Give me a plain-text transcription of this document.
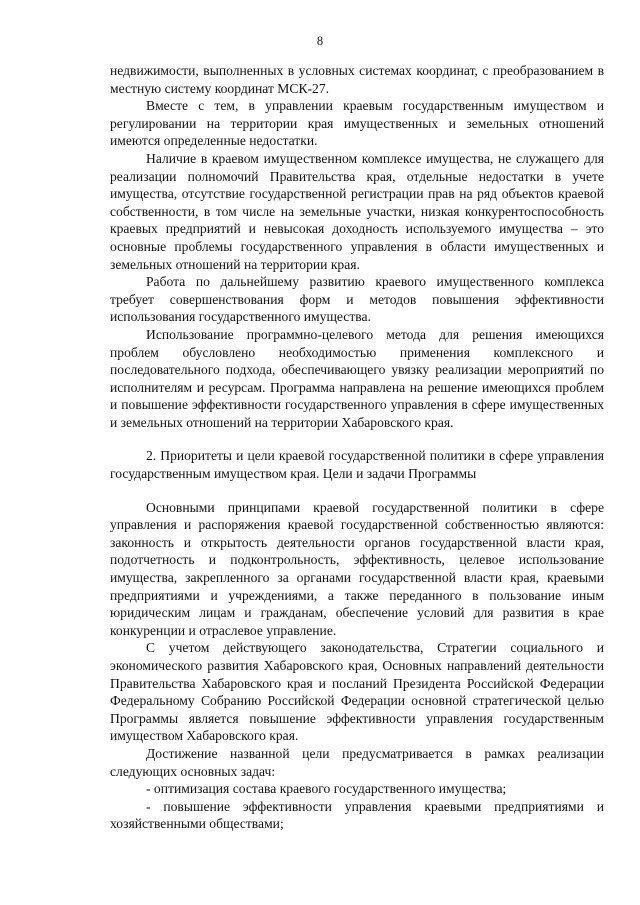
8

недвижимости, выполненных в условных системах координат, с преобразованием в местную систему координат МСК-27.

Вместе с тем, в управлении краевым государственным имуществом и регулировании на территории края имущественных и земельных отношений имеются определенные недостатки.

Наличие в краевом имущественном комплексе имущества, не служащего для реализации полномочий Правительства края, отдельные недостатки в учете имущества, отсутствие государственной регистрации прав на ряд объектов краевой собственности, в том числе на земельные участки, низкая конкурентоспособность краевых предприятий и невысокая доходность используемого имущества – это основные проблемы государственного управления в области имущественных и земельных отношений на территории края.

Работа по дальнейшему развитию краевого имущественного комплекса требует совершенствования форм и методов повышения эффективности использования государственного имущества.

Использование программно-целевого метода для решения имеющихся проблем обусловлено необходимостью применения комплексного и последовательного подхода, обеспечивающего увязку реализации мероприятий по исполнителям и ресурсам. Программа направлена на решение имеющихся проблем и повышение эффективности государственного управления в сфере имущественных и земельных отношений на территории Хабаровского края.

2. Приоритеты и цели краевой государственной политики в сфере управления государственным имуществом края. Цели и задачи Программы

Основными принципами краевой государственной политики в сфере управления и распоряжения краевой государственной собственностью являются: законность и открытость деятельности органов государственной власти края, подотчетность и подконтрольность, эффективность, целевое использование имущества, закрепленного за органами государственной власти края, краевыми предприятиями и учреждениями, а также переданного в пользование иным юридическим лицам и гражданам, обеспечение условий для развития в крае конкуренции и отраслевое управление.

С учетом действующего законодательства, Стратегии социального и экономического развития Хабаровского края, Основных направлений деятельности Правительства Хабаровского края и посланий Президента Российской Федерации Федеральному Собранию Российской Федерации основной стратегической целью Программы является повышение эффективности управления государственным имуществом Хабаровского края.

Достижение названной цели предусматривается в рамках реализации следующих основных задач:

- оптимизация состава краевого государственного имущества;

- повышение эффективности управления краевыми предприятиями и хозяйственными обществами;
